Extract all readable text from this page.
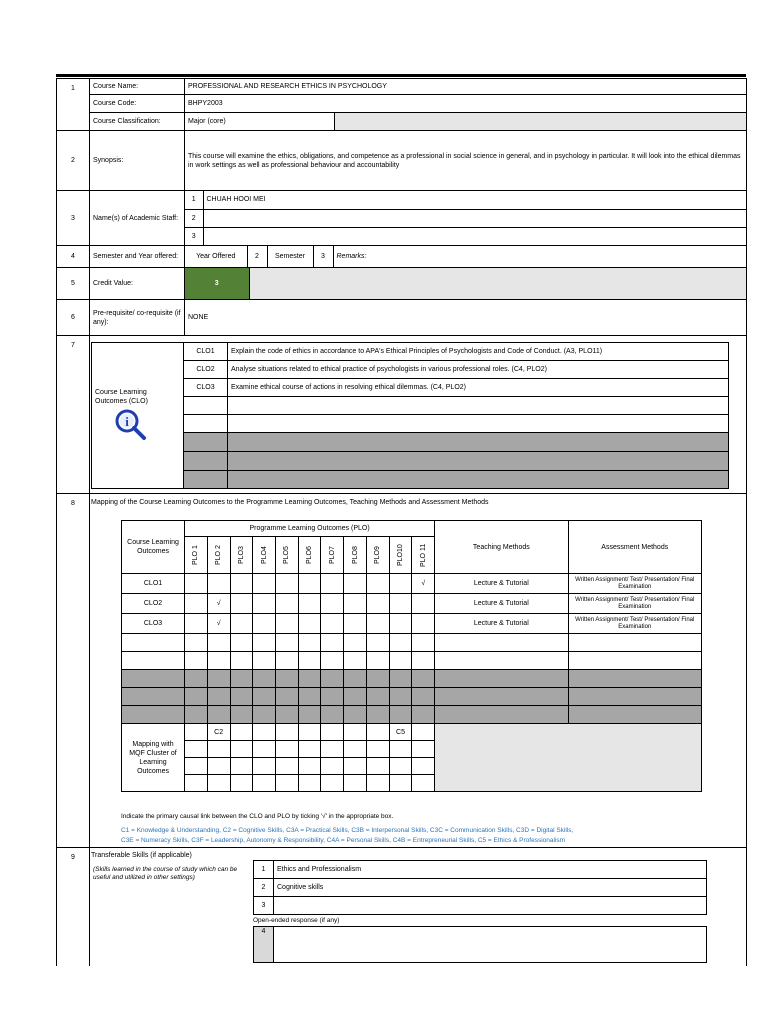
1	Course Name:	PROFESSIONAL AND RESEARCH ETHICS IN PSYCHOLOGY
Course Code:	BHPY2003
Course Classification:	Major (core)	
2	Synopsis:	This course will examine the ethics, obligations, and competence as a professional in social science in general, and in psychology in particular. It will look into the ethical dilemmas in work settings as well as professional behaviour and accountability
3	Name(s) of Academic Staff:	
1	CHUAH HOOI MEI
2	
3	

4	Semester and Year offered:		Year Offered	2	Semester	3	Remarks:

5	Credit Value:		3	

6	Pre-requisite/ co-requisite (if any):	NONE
7	
Course Learning Outcomes (CLO)
i
	CLO1	Explain the code of ethics in accordance to APA's Ethical Principles of Psychologists and Code of Conduct. (A3, PLO11)
CLO2	Analyse situations related to ethical practice of psychologists in various professional roles. (C4, PLO2)
CLO3	Examine ethical course of actions in resolving ethical dilemmas. (C4, PLO2)

8	Mapping of the Course Learning Outcomes to the Programme Learning Outcomes, Teaching Methods and Assessment Methods
Course Learning Outcomes	Programme Learning Outcomes (PLO)	Teaching Methods	Assessment Methods

PLO 1	PLO 2	PLO3	PLO4	PLO5	PLO6	PLO7	PLO8	PLO9	PLO10	PLO 11

CLO1											√	Lecture & Tutorial	Written Assignment/ Test/ Presentation/ Final Examination
CLO2		√										Lecture & Tutorial	Written Assignment/ Test/ Presentation/ Final Examination
CLO3		√										Lecture & Tutorial	Written Assignment/ Test/ Presentation/ Final Examination

Mapping with MQF Cluster of Learning Outcomes		C2								C5		

Indicate the primary causal link between the CLO and PLO by ticking '√' in the appropriate box.
C1 = Knowledge & Understanding, C2 = Cognitive Skills, C3A = Practical Skills, C3B = Interpersonal Skills, C3C = Communication Skills, C3D = Digital Skills,
C3E = Numeracy Skills, C3F = Leadership, Autonomy & Responsibility, C4A = Personal Skills, C4B = Entrepreneurial Skills, C5 = Ethics & Professionalism

9	Transferable Skills (if applicable)
(Skills learned in the course of study which can be useful and utilized in other settings)
1	Ethics and Professionalism
2	Cognitive skills
3	
Open-ended response (if any)
4	
